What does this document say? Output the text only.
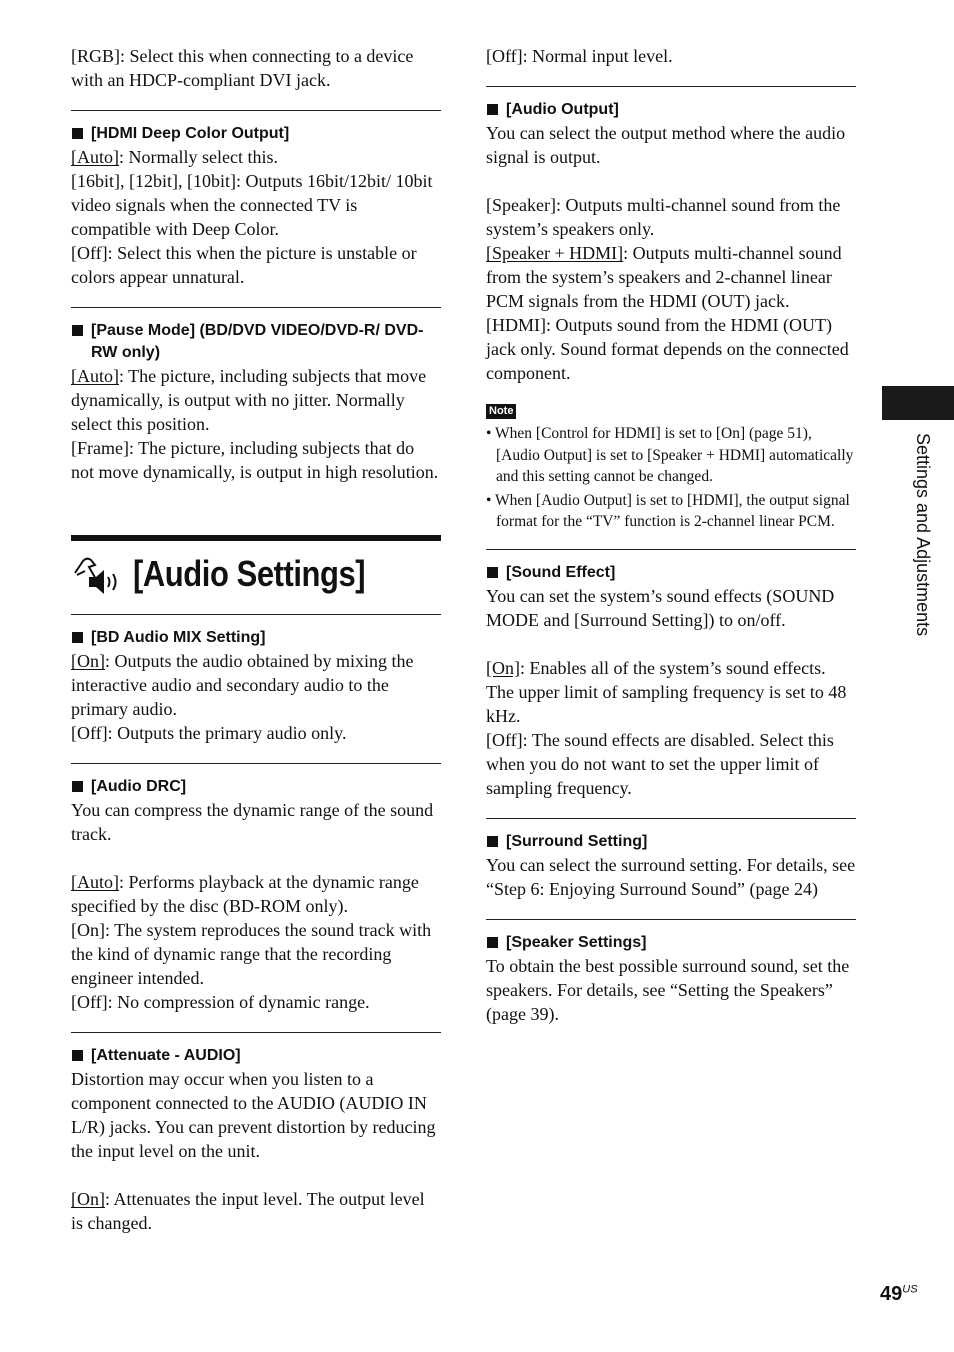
[RGB]: Select this when connecting to a device with an HDCP-compliant DVI jack.

[HDMI Deep Color Output]

[Auto]: Normally select this.

[16bit], [12bit], [10bit]: Outputs 16bit/12bit/ 10bit video signals when the connected TV is compatible with Deep Color.

[Off]: Select this when the picture is unstable or colors appear unnatural.

[Pause Mode] (BD/DVD VIDEO/DVD-R/ DVD-RW only)

[Auto]: The picture, including subjects that move dynamically, is output with no jitter. Normally select this position.

[Frame]: The picture, including subjects that do not move dynamically, is output in high resolution.

[Audio Settings]
[BD Audio MIX Setting]

[On]: Outputs the audio obtained by mixing the interactive audio and secondary audio to the primary audio.

[Off]: Outputs the primary audio only.

[Audio DRC]

You can compress the dynamic range of the sound track.

[Auto]: Performs playback at the dynamic range specified by the disc (BD-ROM only).

[On]: The system reproduces the sound track with the kind of dynamic range that the recording engineer intended.

[Off]: No compression of dynamic range.

[Attenuate - AUDIO]

Distortion may occur when you listen to a component connected to the AUDIO (AUDIO IN L/R) jacks. You can prevent distortion by reducing the input level on the unit.

[On]: Attenuates the input level. The output level is changed.

[Off]: Normal input level.

[Audio Output]

You can select the output method where the audio signal is output.

[Speaker]: Outputs multi-channel sound from the system’s speakers only.

[Speaker + HDMI]: Outputs multi-channel sound from the system’s speakers and 2-channel linear PCM signals from the HDMI (OUT) jack.

[HDMI]: Outputs sound from the HDMI (OUT) jack only. Sound format depends on the connected component.

Note
• When [Control for HDMI] is set to [On] (page 51), [Audio Output] is set to [Speaker + HDMI] automatically and this setting cannot be changed.
• When [Audio Output] is set to [HDMI], the output signal format for the “TV” function is 2-channel linear PCM.
[Sound Effect]

You can set the system’s sound effects (SOUND MODE and [Surround Setting]) to on/off.

[On]: Enables all of the system’s sound effects. The upper limit of sampling frequency is set to 48 kHz.

[Off]: The sound effects are disabled. Select this when you do not want to set the upper limit of sampling frequency.

[Surround Setting]

You can select the surround setting. For details, see “Step 6: Enjoying Surround Sound” (page 24)

[Speaker Settings]

To obtain the best possible surround sound, set the speakers. For details, see “Setting the Speakers” (page 39).

Settings and Adjustments
$49^{US}$
